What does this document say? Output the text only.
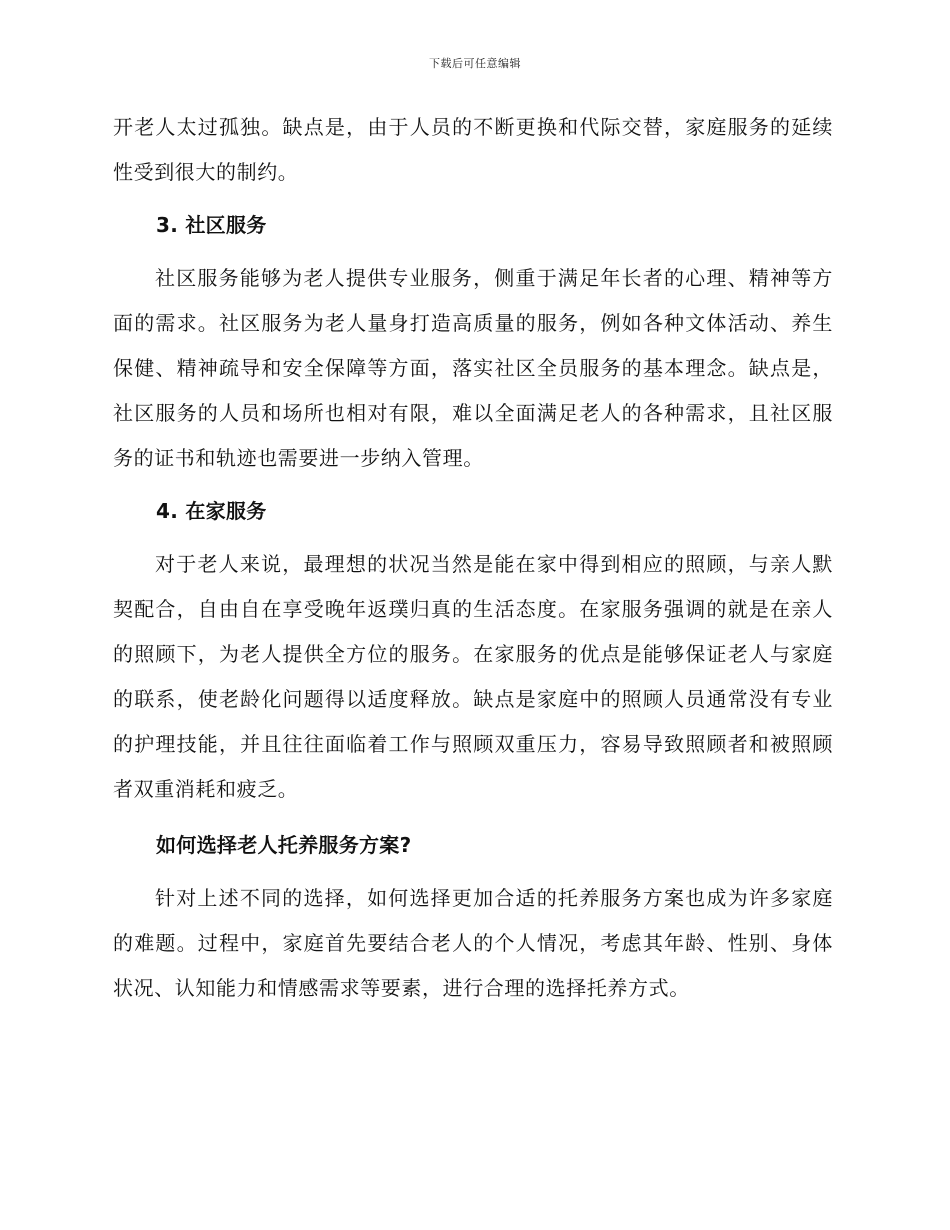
下载后可任意编辑

开老人太过孤独。缺点是，由于人员的不断更换和代际交替，家庭服务的延续性受到很大的制约。

3. 社区服务

社区服务能够为老人提供专业服务，侧重于满足年长者的心理、精神等方面的需求。社区服务为老人量身打造高质量的服务，例如各种文体活动、养生保健、精神疏导和安全保障等方面，落实社区全员服务的基本理念。缺点是，社区服务的人员和场所也相对有限，难以全面满足老人的各种需求，且社区服务的证书和轨迹也需要进一步纳入管理。

4. 在家服务

对于老人来说，最理想的状况当然是能在家中得到相应的照顾，与亲人默契配合，自由自在享受晚年返璞归真的生活态度。在家服务强调的就是在亲人的照顾下，为老人提供全方位的服务。在家服务的优点是能够保证老人与家庭的联系，使老龄化问题得以适度释放。缺点是家庭中的照顾人员通常没有专业的护理技能，并且往往面临着工作与照顾双重压力，容易导致照顾者和被照顾者双重消耗和疲乏。

如何选择老人托养服务方案?

针对上述不同的选择，如何选择更加合适的托养服务方案也成为许多家庭的难题。过程中，家庭首先要结合老人的个人情况，考虑其年龄、性别、身体状况、认知能力和情感需求等要素，进行合理的选择托养方式。
